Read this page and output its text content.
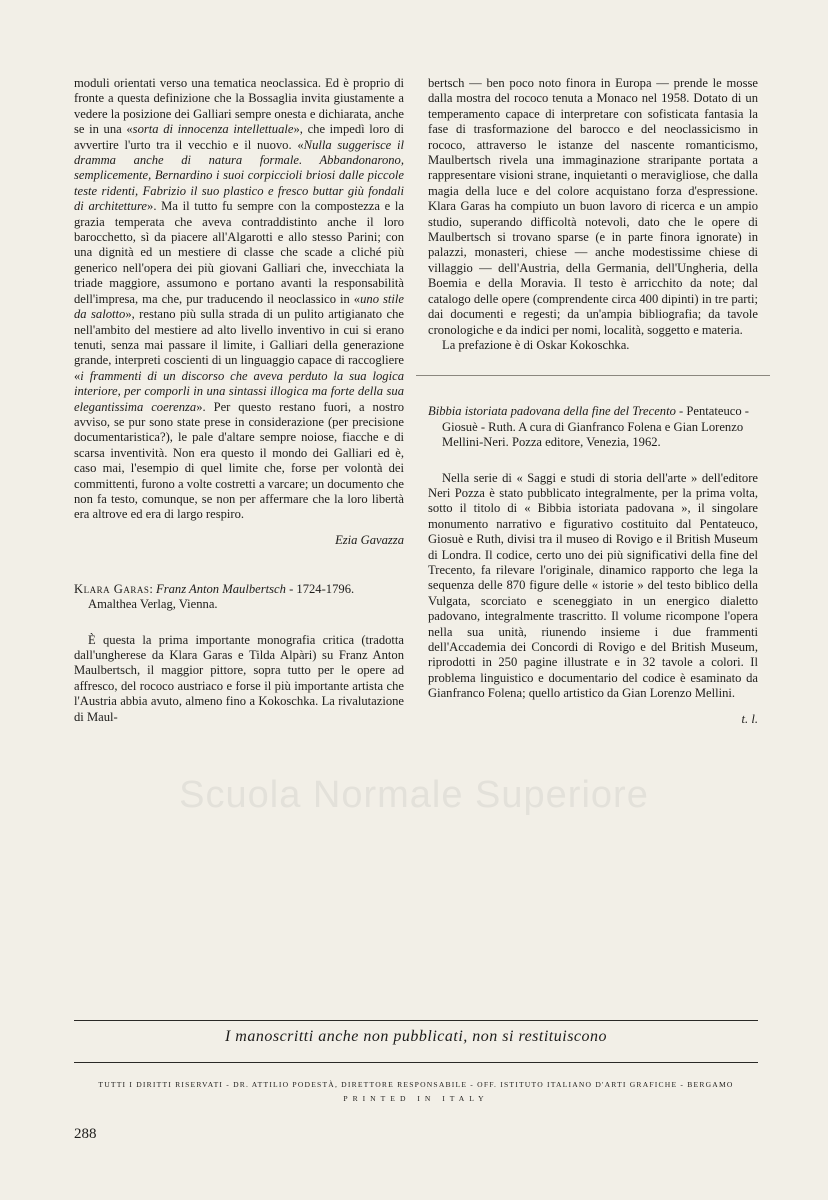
Scuola Normale Superiore

moduli orientati verso una tematica neoclassica. Ed è proprio di fronte a questa definizione che la Bossaglia invita giustamente a vedere la posizione dei Galliari sempre onesta e dichiarata, anche se in una «sorta di innocenza intellettuale», che impedì loro di avvertire l'urto tra il vecchio e il nuovo. «Nulla suggerisce il dramma anche di natura formale. Abbandonarono, semplicemente, Bernardino i suoi corpicciolі briosi dalle piccole teste ridenti, Fabrizio il suo plastico e fresco buttar giù fondali di architetture». Ma il tutto fu sempre con la compostezza e la grazia temperata che aveva contraddistinto anche il loro barocchetto, sì da piacere all'Algarotti e allo stesso Parini; con una dignità ed un mestiere di classe che scade a cliché più generico nell'opera dei più giovani Galliari che, invecchiata la triade maggiore, assumono e portano avanti la responsabilità dell'impresa, ma che, pur traducendo il neoclassico in «uno stile da salotto», restano più sulla strada di un pulito artigianato che nell'ambito del mestiere ad alto livello inventivo in cui si erano tenuti, senza mai passare il limite, i Galliari della generazione grande, interpreti coscienti di un linguaggio capace di raccogliere «i frammenti di un discorso che aveva perduto la sua logica interiore, per comporli in una sintassi illogica ma forte della sua elegantissima coerenza». Per questo restano fuori, a nostro avviso, se pur sono state prese in considerazione (per precisione documentaristica?), le pale d'altare sempre noiose, fiacche e di scarsa inventività. Non era questo il mondo dei Galliari ed è, caso mai, l'esempio di quel limite che, forse per volontà dei committenti, furono a volte costretti a varcare; un documento che non fa testo, comunque, se non per affermare che la loro libertà era altrove ed era di largo respiro.

Ezia Gavazza

Klara Garas: Franz Anton Maulbertsch - 1724-1796. Amalthea Verlag, Vienna.

È questa la prima importante monografia critica (tradotta dall'ungherese da Klara Garas e Tilda Alpàri) su Franz Anton Maulbertsch, il maggior pittore, sopra tutto per le opere ad affresco, del rococo austriaco e forse il più importante artista che l'Austria abbia avuto, almeno fino a Kokoschka. La rivalutazione di Maul-

bertsch — ben poco noto finora in Europa — prende le mosse dalla mostra del rococo tenuta a Monaco nel 1958. Dotato di un temperamento capace di interpretare con sofisticata fantasia la fase di trasformazione del barocco e del neoclassicismo in rococo, attraverso le istanze del nascente romanticismo, Maulbertsch rivela una immaginazione straripante portata a rappresentare visioni strane, inquietanti o meravigliose, che dalla magia della luce e del colore acquistano forza d'espressione. Klara Garas ha compiuto un buon lavoro di ricerca e un ampio studio, superando difficoltà notevoli, dato che le opere di Maulbertsch si trovano sparse (e in parte finora ignorate) in palazzi, monasteri, chiese — anche modestissime chiese di villaggio — dell'Austria, della Germania, dell'Ungheria, della Boemia e della Moravia. Il testo è arricchito da note; dal catalogo delle opere (comprendente circa 400 dipinti) in tre parti; dai documenti e regesti; da un'ampia bibliografia; da tavole cronologiche e da indici per nomi, località, soggetto e materia.

La prefazione è di Oskar Kokoschka.

Bibbia istoriata padovana della fine del Trecento - Pentateuco - Giosuè - Ruth. A cura di Gianfranco Folena e Gian Lorenzo Mellini-Neri. Pozza editore, Venezia, 1962.

Nella serie di « Saggi e studi di storia dell'arte » dell'editore Neri Pozza è stato pubblicato integralmente, per la prima volta, sotto il titolo di « Bibbia istoriata padovana », il singolare monumento narrativo e figurativo costituito dal Pentateuco, Giosuè e Ruth, divisi tra il museo di Rovigo e il British Museum di Londra. Il codice, certo uno dei più significativi della fine del Trecento, fa rilevare l'originale, dinamico rapporto che lega la sequenza delle 870 figure delle « istorie » del testo biblico della Vulgata, scorciato e sceneggiato in un energico dialetto padovano, integralmente trascritto. Il volume ricompone l'opera nella sua unità, riunendo insieme i due frammenti dell'Accademia dei Concordi di Rovigo e del British Museum, riprodotti in 250 pagine illustrate e in 32 tavole a colori. Il problema linguistico e documentario del codice è esaminato da Gianfranco Folena; quello artistico da Gian Lorenzo Mellini.

t. l.
I manoscritti anche non pubblicati, non si restituiscono
TUTTI I DIRITTI RISERVATI - DR. ATTILIO PODESTÀ, DIRETTORE RESPONSABILE - OFF. ISTITUTO ITALIANO D'ARTI GRAFICHE - BERGAMO
PRINTED IN ITALY
288
